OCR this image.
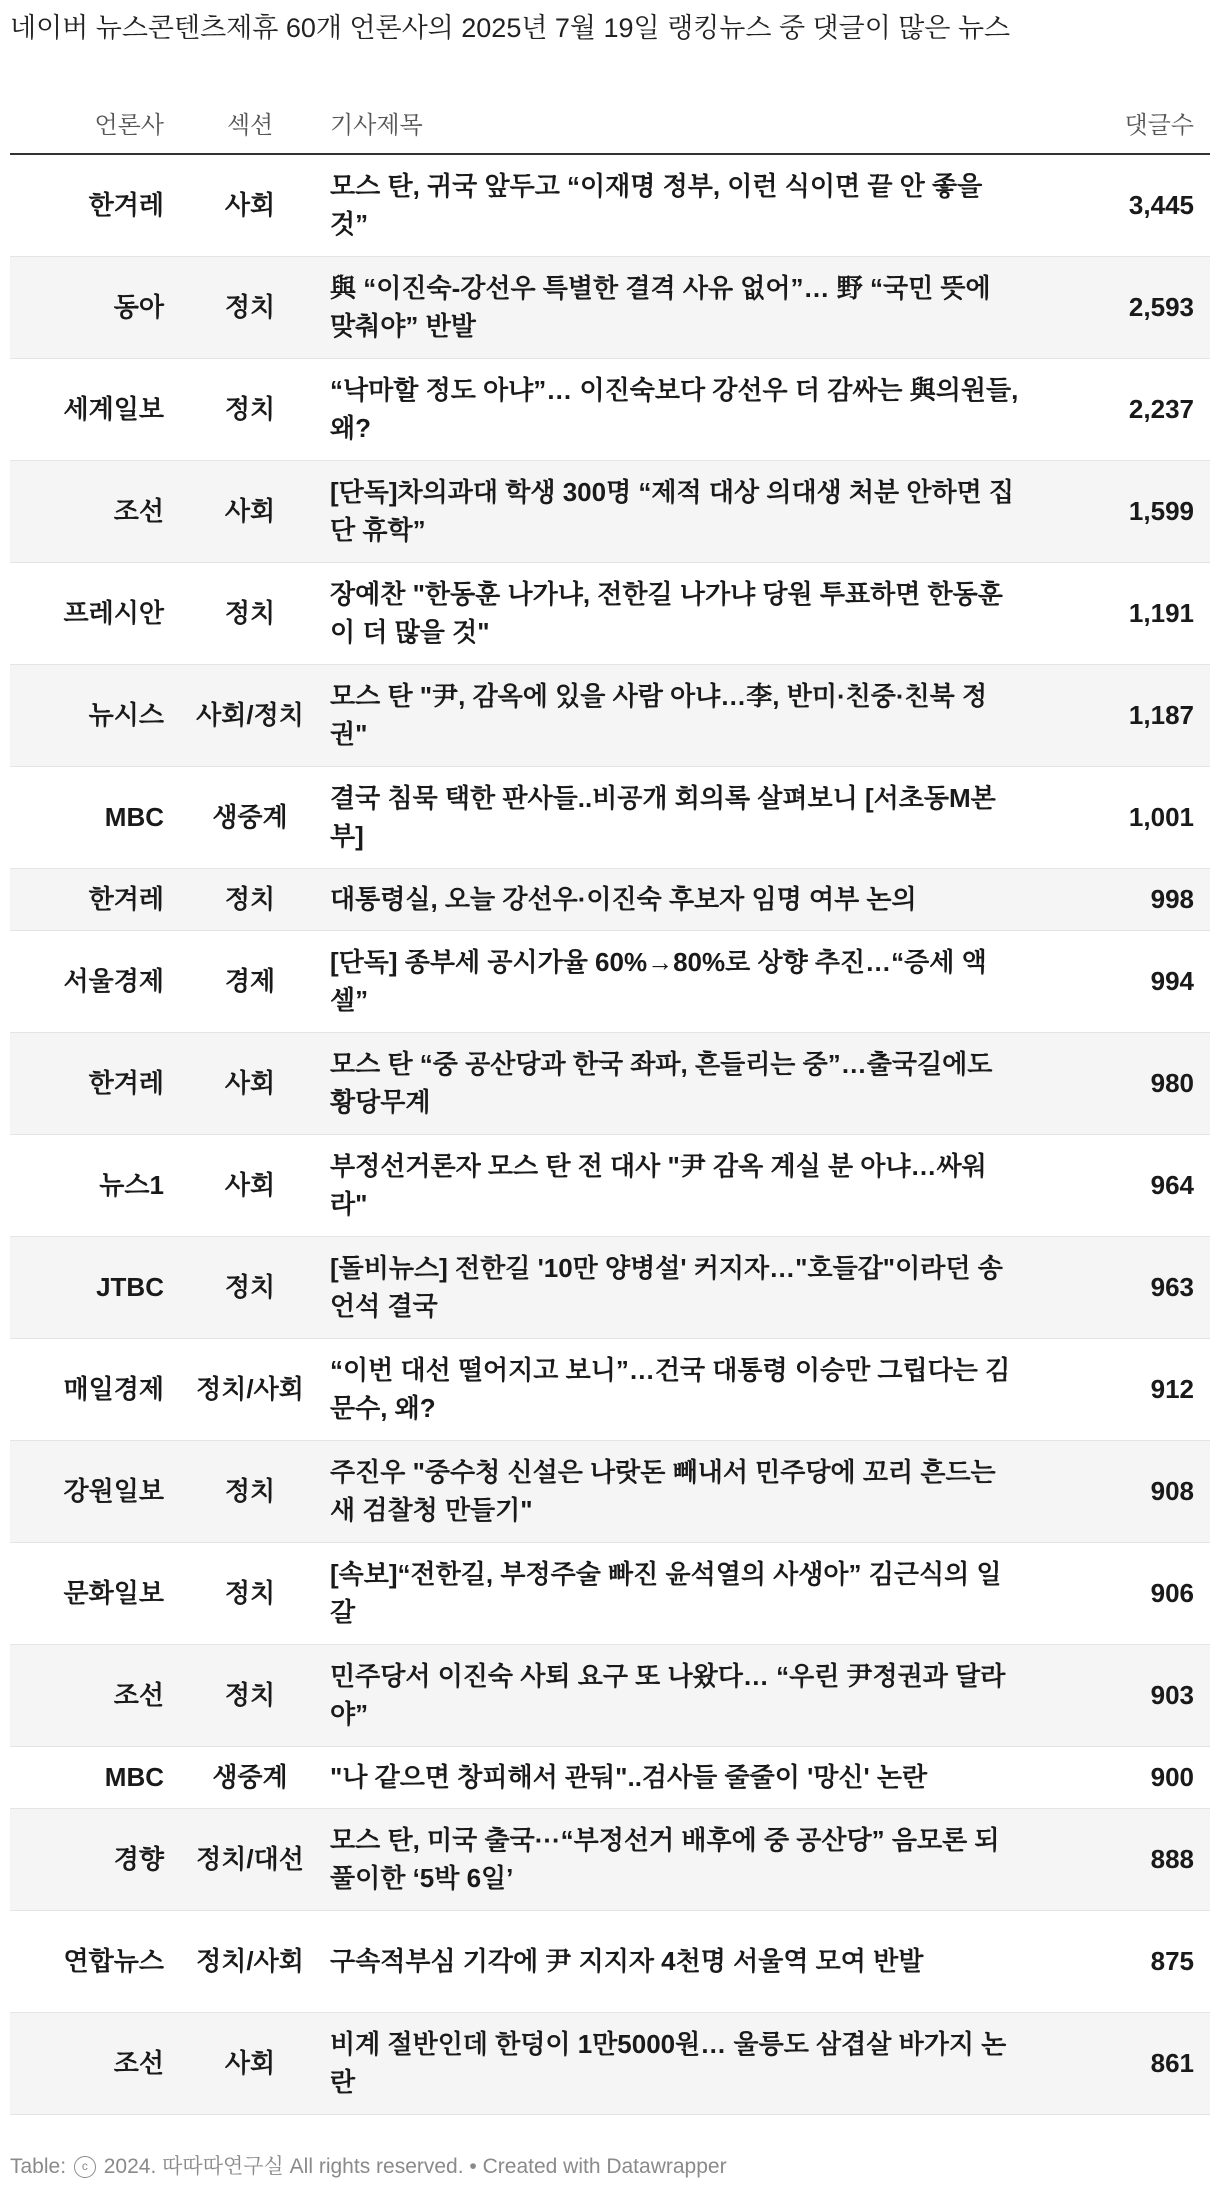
네이버 뉴스콘텐츠제휴 60개 언론사의 2025년 7월 19일 랭킹뉴스 중 댓글이 많은 뉴스
언론사	섹션	기사제목	댓글수
한겨레	사회	모스 탄, 귀국 앞두고 “이재명 정부, 이런 식이면 끝 안 좋을 것”	3,445
동아	정치	與 “이진숙-강선우 특별한 결격 사유 없어”… 野 “국민 뜻에 맞춰야” 반발	2,593
세계일보	정치	“낙마할 정도 아냐”… 이진숙보다 강선우 더 감싸는 與의원들, 왜?	2,237
조선	사회	[단독]차의과대 학생 300명 “제적 대상 의대생 처분 안하면 집단 휴학”	1,599
프레시안	정치	장예찬 "한동훈 나가냐, 전한길 나가냐 당원 투표하면 한동훈이 더 많을 것"	1,191
뉴시스	사회/정치	모스 탄 "尹, 감옥에 있을 사람 아냐…李, 반미·친중·친북 정권"	1,187
MBC	생중계	결국 침묵 택한 판사들..비공개 회의록 살펴보니 [서초동M본부]	1,001
한겨레	정치	대통령실, 오늘 강선우·이진숙 후보자 임명 여부 논의	998
서울경제	경제	[단독] 종부세 공시가율 60%→80%로 상향 추진…“증세 액셀”	994
한겨레	사회	모스 탄 “중 공산당과 한국 좌파, 흔들리는 중”…출국길에도 황당무계	980
뉴스1	사회	부정선거론자 모스 탄 전 대사 "尹 감옥 계실 분 아냐…싸워라"	964
JTBC	정치	[돌비뉴스] 전한길 '10만 양병설' 커지자…"호들갑"이라던 송언석 결국	963
매일경제	정치/사회	“이번 대선 떨어지고 보니”…건국 대통령 이승만 그립다는 김문수, 왜?	912
강원일보	정치	주진우 "중수청 신설은 나랏돈 빼내서 민주당에 꼬리 흔드는 새 검찰청 만들기"	908
문화일보	정치	[속보]“전한길, 부정주술 빠진 윤석열의 사생아” 김근식의 일갈	906
조선	정치	민주당서 이진숙 사퇴 요구 또 나왔다… “우린 尹정권과 달라야”	903
MBC	생중계	"나 같으면 창피해서 관둬"..검사들 줄줄이 '망신' 논란	900
경향	정치/대선	모스 탄, 미국 출국···“부정선거 배후에 중 공산당” 음모론 되풀이한 ‘5박 6일’	888
연합뉴스	정치/사회	구속적부심 기각에 尹 지지자 4천명 서울역 모여 반발	875
조선	사회	비계 절반인데 한덩이 1만5000원… 울릉도 삼겹살 바가지 논란	861
Table: c 2024. 따따따연구실 All rights reserved. • Created with Datawrapper
